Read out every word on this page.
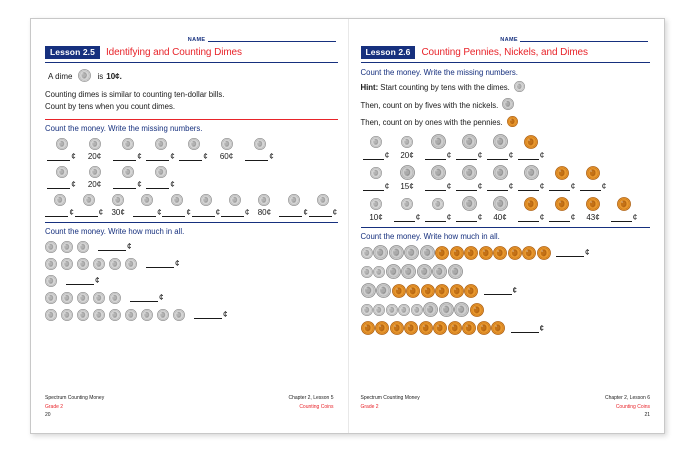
NAME
Lesson 2.5	Identifying and Counting Dimes
A dime	is 10¢.
Counting dimes is similar to counting ten-dollar bills.
Count by tens when you count dimes.
Count the money. Write the missing numbers.
¢ 20¢	¢	¢	¢ 60¢	¢
¢ 20¢	¢	¢
¢	¢ 30¢	¢	¢	¢	¢ 80¢	¢	¢
Count the money. Write how much in all.
¢
¢
¢
¢
¢
Spectrum Counting Money
Grade 2
20
Chapter 2, Lesson 5
Counting Coins
NAME
Lesson 2.6	Counting Pennies, Nickels, and Dimes
Count the money. Write the missing numbers.
Hint: Start counting by tens with the dimes.
Then, count on by fives with the nickels.
Then, count on by ones with the pennies.
¢ 20¢	¢	¢	¢	¢
¢ 15¢	¢	¢	¢	¢	¢	¢
10¢	¢	¢	¢ 40¢	¢	¢ 43¢	¢
Count the money. Write how much in all.
¢
¢
¢
Spectrum Counting Money
Grade 2
Chapter 2, Lesson 6
Counting Coins
21
